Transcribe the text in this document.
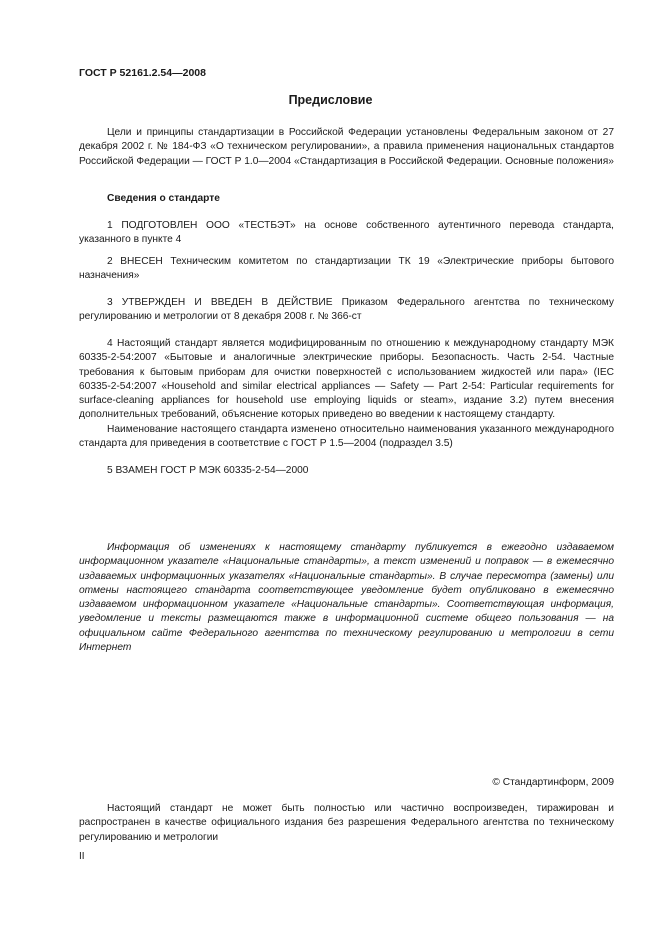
ГОСТ Р 52161.2.54—2008
Предисловие

Цели и принципы стандартизации в Российской Федерации установлены Федеральным законом от 27 декабря 2002 г. № 184-ФЗ «О техническом регулировании», а правила применения национальных стандартов Российской Федерации — ГОСТ Р 1.0—2004 «Стандартизация в Российской Федерации. Основные положения»

Сведения о стандарте

1 ПОДГОТОВЛЕН ООО «ТЕСТБЭТ» на основе собственного аутентичного перевода стандарта, указанного в пункте 4

2 ВНЕСЕН Техническим комитетом по стандартизации ТК 19 «Электрические приборы бытового назначения»

3 УТВЕРЖДЕН И ВВЕДЕН В ДЕЙСТВИЕ Приказом Федерального агентства по техническому регулированию и метрологии от 8 декабря 2008 г. № 366-ст

4 Настоящий стандарт является модифицированным по отношению к международному стандарту МЭК 60335-2-54:2007 «Бытовые и аналогичные электрические приборы. Безопасность. Часть 2-54. Частные требования к бытовым приборам для очистки поверхностей с использованием жидкостей или пара» (IEC 60335-2-54:2007 «Household and similar electrical appliances — Safety — Part 2-54: Particular requirements for surface-cleaning appliances for household use employing liquids or steam», издание 3.2) путем внесения дополнительных требований, объяснение которых приведено во введении к настоящему стандарту.

Наименование настоящего стандарта изменено относительно наименования указанного международного стандарта для приведения в соответствие с ГОСТ Р 1.5—2004 (подраздел 3.5)

5 ВЗАМЕН ГОСТ Р МЭК 60335-2-54—2000

Информация об изменениях к настоящему стандарту публикуется в ежегодно издаваемом информационном указателе «Национальные стандарты», а текст изменений и поправок — в ежемесячно издаваемых информационных указателях «Национальные стандарты». В случае пересмотра (замены) или отмены настоящего стандарта соответствующее уведомление будет опубликовано в ежемесячно издаваемом информационном указателе «Национальные стандарты». Соответствующая информация, уведомление и тексты размещаются также в информационной системе общего пользования — на официальном сайте Федерального агентства по техническому регулированию и метрологии в сети Интернет

© Стандартинформ, 2009

Настоящий стандарт не может быть полностью или частично воспроизведен, тиражирован и распространен в качестве официального издания без разрешения Федерального агентства по техническому регулированию и метрологии

II
